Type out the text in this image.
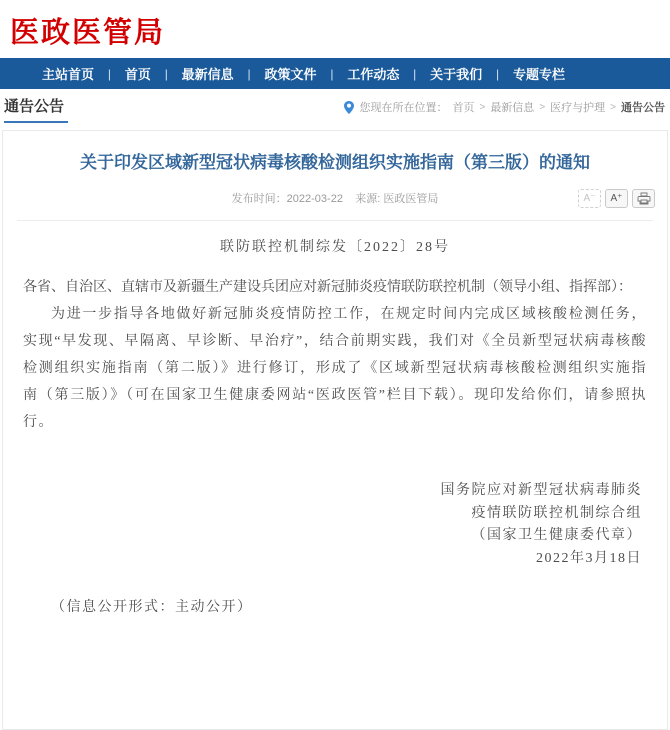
医政医管局
主站首页 | 首页 | 最新信息 | 政策文件 | 工作动态 | 关于我们 | 专题专栏
通告公告	您现在所在位置： 首页 > 最新信息 > 医疗与护理 > 通告公告
关于印发区域新型冠状病毒核酸检测组织实施指南（第三版）的通知
发布时间：2022-03-22 来源: 医政医管局	A⁻	A⁺
联防联控机制综发〔2022〕28号
各省、自治区、直辖市及新疆生产建设兵团应对新冠肺炎疫情联防联控机制（领导小组、指挥部）：
为进一步指导各地做好新冠肺炎疫情防控工作，在规定时间内完成区域核酸检测任务，实现“早发现、早隔离、早诊断、早治疗”，结合前期实践，我们对《全员新型冠状病毒核酸检测组织实施指南（第二版）》进行修订，形成了《区域新型冠状病毒核酸检测组织实施指南（第三版）》（可在国家卫生健康委网站“医政医管”栏目下载）。现印发给你们，请参照执行。
国务院应对新型冠状病毒肺炎
疫情联防联控机制综合组
（国家卫生健康委代章）
2022年3月18日
（信息公开形式：主动公开）
